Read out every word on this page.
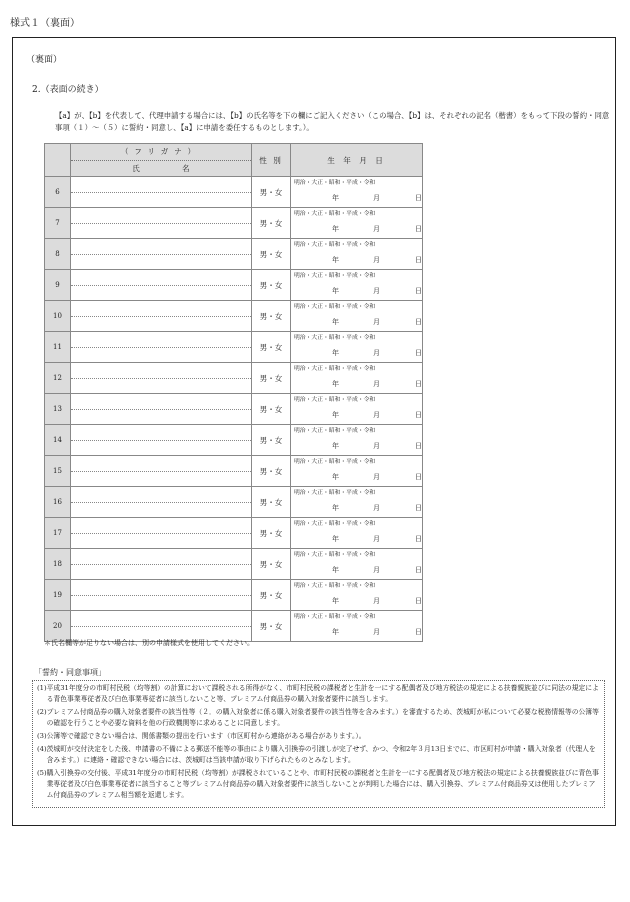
様式１（裏面）
（裏面）
2.（表面の続き）
【a】が、【b】を代表して、代理申請する場合には、【b】の氏名等を下の欄にご記入ください（この場合、【b】は、それぞれの記名（楷書）をもって下段の誓約・同意事項（１）～（５）に誓約・同意し、【a】に申請を委任するものとします。）。

（フリガナ）
氏 名	性 別	生 年 月 日
6		男・女	明治・大正・昭和・平成・令和
年 月 日

7		男・女	明治・大正・昭和・平成・令和
年 月 日

8		男・女	明治・大正・昭和・平成・令和
年 月 日

9		男・女	明治・大正・昭和・平成・令和
年 月 日

10		男・女	明治・大正・昭和・平成・令和
年 月 日

11		男・女	明治・大正・昭和・平成・令和
年 月 日

12		男・女	明治・大正・昭和・平成・令和
年 月 日

13		男・女	明治・大正・昭和・平成・令和
年 月 日

14		男・女	明治・大正・昭和・平成・令和
年 月 日

15		男・女	明治・大正・昭和・平成・令和
年 月 日

16		男・女	明治・大正・昭和・平成・令和
年 月 日

17		男・女	明治・大正・昭和・平成・令和
年 月 日

18		男・女	明治・大正・昭和・平成・令和
年 月 日

19		男・女	明治・大正・昭和・平成・令和
年 月 日

20		男・女	明治・大正・昭和・平成・令和
年 月 日
＊氏名欄等が足りない場合は、別の申請様式を使用してください。
「誓約・同意事項」
(1) 平成31年度分の市町村民税（均等割）の計算において課税される所得がなく、市町村民税の課税者と生計を一にする配偶者及び地方税法の規定による扶養親族並びに同法の規定による青色事業専従者及び白色事業専従者に該当しないこと等、プレミアム付商品券の購入対象者要件に該当します。
(2) プレミアム付商品券の購入対象者要件の該当性等（２．の購入対象者に係る購入対象者要件の該当性等を含みます。）を審査するため、茨城町が私について必要な税務情報等の公簿等の確認を行うことや必要な資料を他の行政機関等に求めることに同意します。
(3) 公簿等で確認できない場合は、関係書類の提出を行います（市区町村から連絡がある場合があります。）。
(4) 茨城町が交付決定をした後、申請書の不備による郵送不能等の事由により購入引換券の引渡しが完了せず、かつ、令和2年３月13日までに、市区町村が申請・購入対象者（代理人を含みます。）に連絡・確認できない場合には、茨城町は当該申請が取り下げられたものとみなします。
(5) 購入引換券の交付後、平成31年度分の市町村民税（均等割）が課税されていることや、市町村民税の課税者と生計を一にする配偶者及び地方税法の規定による扶養親族並びに青色事業専従者及び白色事業専従者に該当すること等プレミアム付商品券の購入対象者要件に該当しないことが判明した場合には、購入引換券、プレミアム付商品券又は使用したプレミアム付商品券のプレミアム相当額を返還します。
